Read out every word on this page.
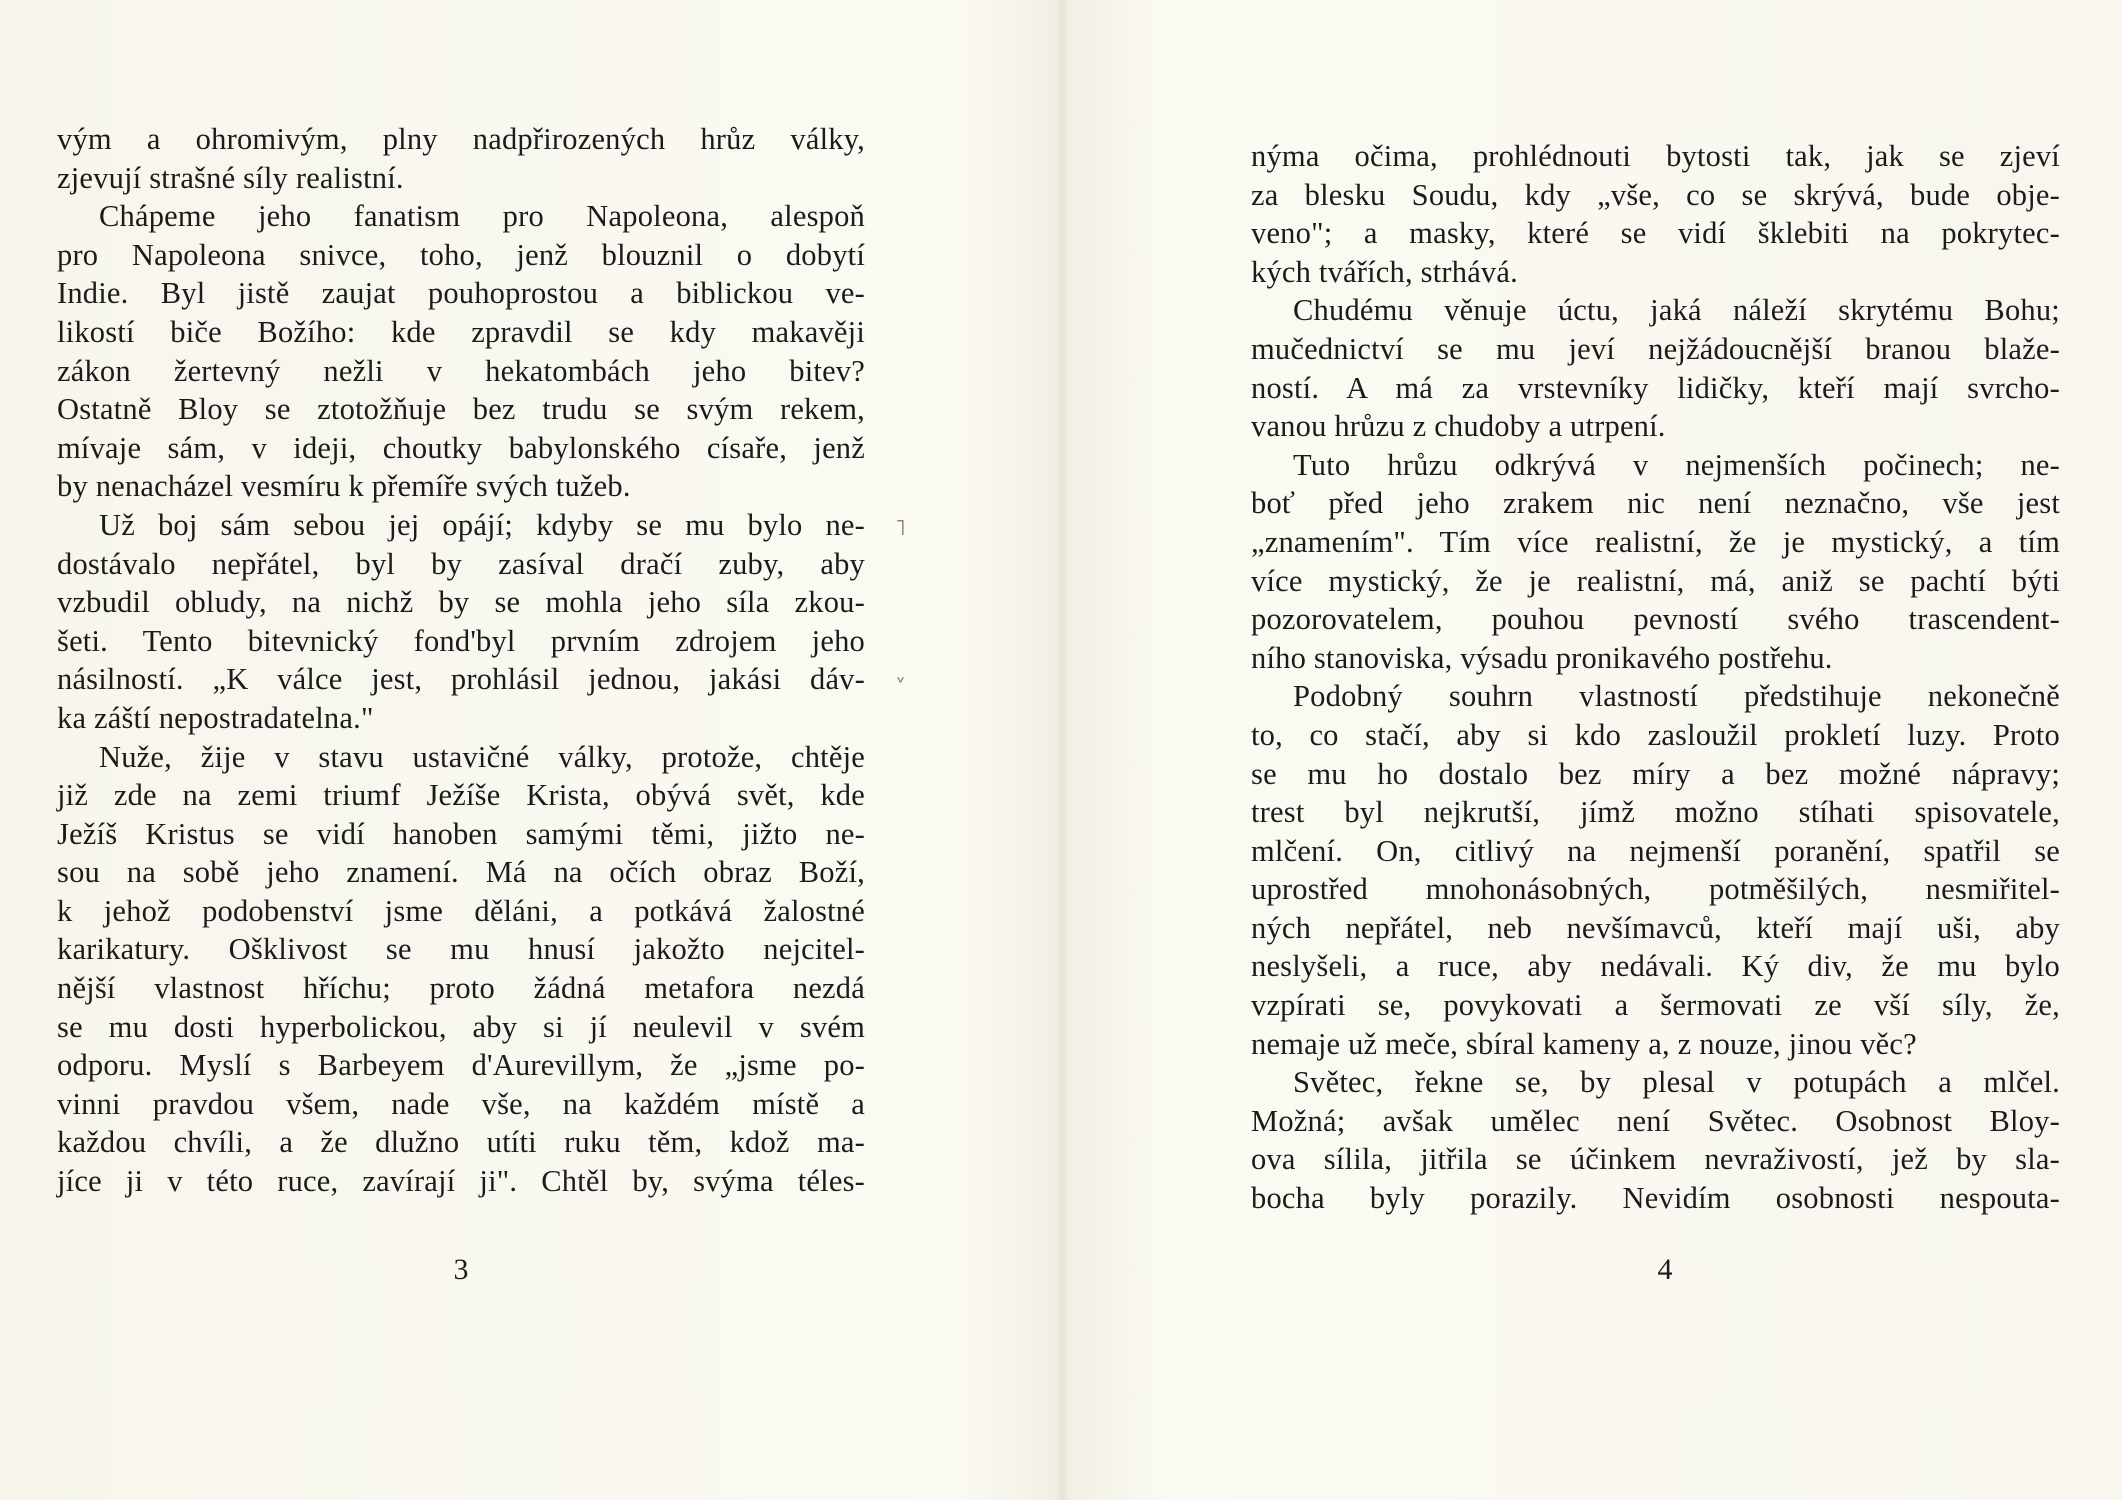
vým a ohromivým, plny nadpřirozených hrůz války,
zjevují strašné síly realistní.
Chápeme jeho fanatism pro Napoleona, alespoň
pro Napoleona snivce, toho, jenž blouznil o dobytí
Indie. Byl jistě zaujat pouhoprostou a biblickou ve-
likostí biče Božího: kde zpravdil se kdy makavěji
zákon žertevný nežli v hekatombách jeho bitev?
Ostatně Bloy se ztotožňuje bez trudu se svým rekem,
mívaje sám, v ideji, choutky babylonského císaře, jenž
by nenacházel vesmíru k přemíře svých tužeb.
Už boj sám sebou jej opájí; kdyby se mu bylo ne-
dostávalo nepřátel, byl by zasíval dračí zuby, aby
vzbudil obludy, na nichž by se mohla jeho síla zkou-
šeti. Tento bitevnický fond'byl prvním zdrojem jeho
násilností. „K válce jest, prohlásil jednou, jakási dáv-
ka záští nepostradatelna."
Nuže, žije v stavu ustavičné války, protože, chtěje
již zde na zemi triumf Ježíše Krista, obývá svět, kde
Ježíš Kristus se vidí hanoben samými těmi, jižto ne-
sou na sobě jeho znamení. Má na očích obraz Boží,
k jehož podobenství jsme děláni, a potkává žalostné
karikatury. Ošklivost se mu hnusí jakožto nejcitel-
nější vlastnost hříchu; proto žádná metafora nezdá
se mu dosti hyperbolickou, aby si jí neulevil v svém
odporu. Myslí s Barbeyem d'Aurevillym, že „jsme po-
vinni pravdou všem, nade vše, na každém místě a
každou chvíli, a že dlužno utíti ruku těm, kdož ma-
jíce ji v této ruce, zavírají ji". Chtěl by, svýma téles-
3
˥
˅
nýma očima, prohlédnouti bytosti tak, jak se zjeví
za blesku Soudu, kdy „vše, co se skrývá, bude obje-
veno"; a masky, které se vidí šklebiti na pokrytec-
kých tvářích, strhává.
Chudému věnuje úctu, jaká náleží skrytému Bohu;
mučednictví se mu jeví nejžádoucnější branou blaže-
ností. A má za vrstevníky lidičky, kteří mají svrcho-
vanou hrůzu z chudoby a utrpení.
Tuto hrůzu odkrývá v nejmenších počinech; ne-
boť před jeho zrakem nic není neznačno, vše jest
„znamením". Tím více realistní, že je mystický, a tím
více mystický, že je realistní, má, aniž se pachtí býti
pozorovatelem, pouhou pevností svého trascendent-
ního stanoviska, výsadu pronikavého postřehu.
Podobný souhrn vlastností předstihuje nekonečně
to, co stačí, aby si kdo zasloužil prokletí luzy. Proto
se mu ho dostalo bez míry a bez možné nápravy;
trest byl nejkrutší, jímž možno stíhati spisovatele,
mlčení. On, citlivý na nejmenší poranění, spatřil se
uprostřed mnohonásobných, potměšilých, nesmiřitel-
ných nepřátel, neb nevšímavců, kteří mají uši, aby
neslyšeli, a ruce, aby nedávali. Ký div, že mu bylo
vzpírati se, povykovati a šermovati ze vší síly, že,
nemaje už meče, sbíral kameny a, z nouze, jinou věc?
Světec, řekne se, by plesal v potupách a mlčel.
Možná; avšak umělec není Světec. Osobnost Bloy-
ova sílila, jitřila se účinkem nevraživostí, jež by sla-
bocha byly porazily. Nevidím osobnosti nespouta-
4
